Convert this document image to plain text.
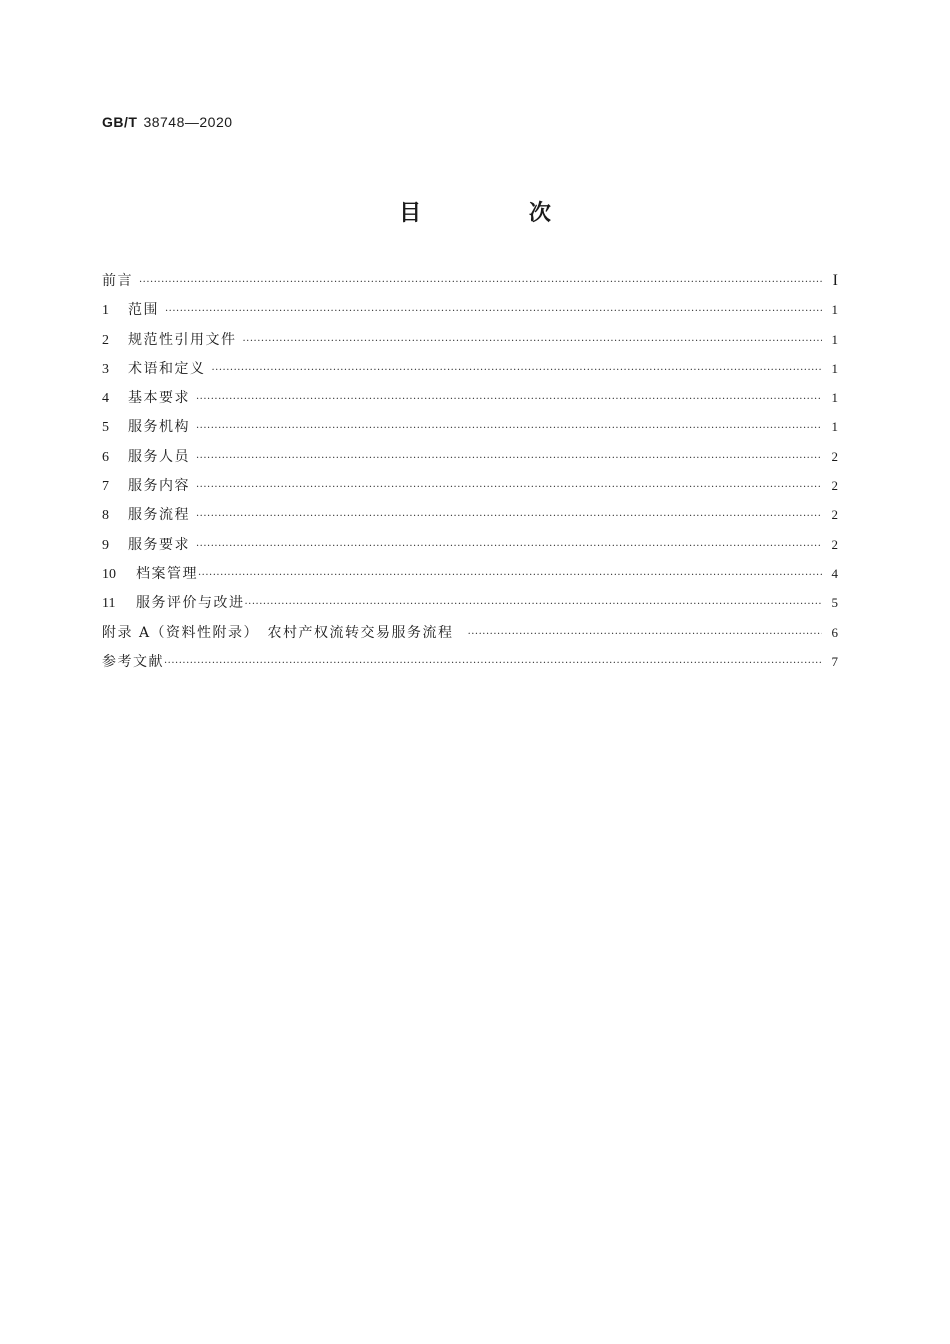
GB/T 38748—2020
目 次
前言 ·····	I
1	范围 ·····	1
2	规范性引用文件 ·····	1
3	术语和定义 ·····	1
4	基本要求 ·····	1
5	服务机构 ·····	1
6	服务人员 ·····	2
7	服务内容 ·····	2
8	服务流程 ·····	2
9	服务要求 ·····	2
10	档案管理 ·····	4
11	服务评价与改进 ·····	5
附录 A（资料性附录）　农村产权流转交易服务流程 ·····	6
参考文献 ·····	7
